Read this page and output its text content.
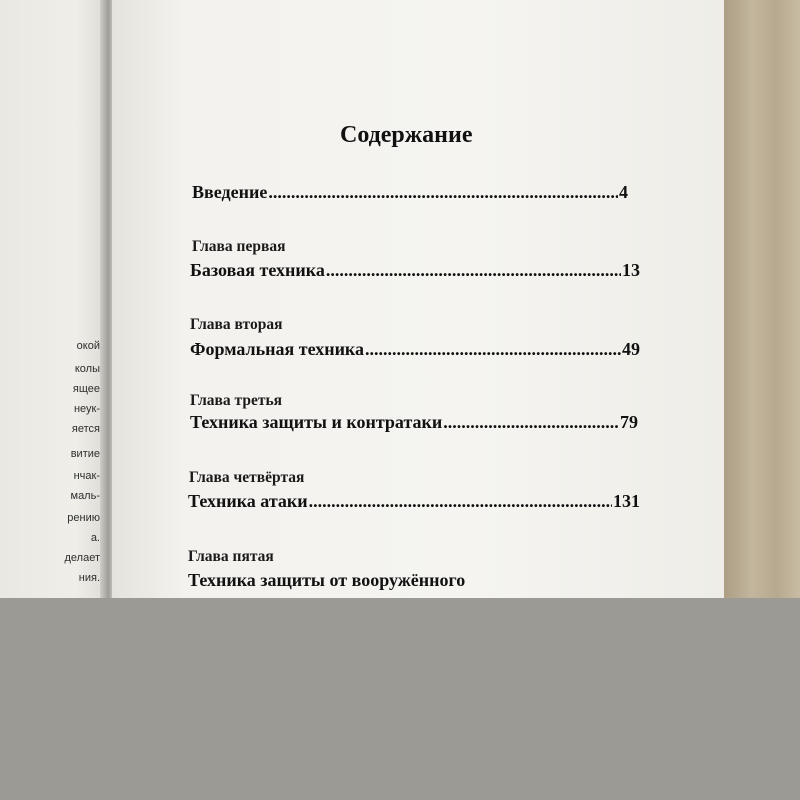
окой
колы
ящее
неук-
яется
витие
нчак-
маль-
рению
а.
делает
ния.
Содержание
Введение .....	4
Глава первая
Базовая техника .....	13
Глава вторая
Формальная техника .....	49
Глава третья
Техника защиты и контратаки .....	79
Глава четвёртая
Техника атаки .....	131
Глава пятая
Техника защиты от вооружённого
